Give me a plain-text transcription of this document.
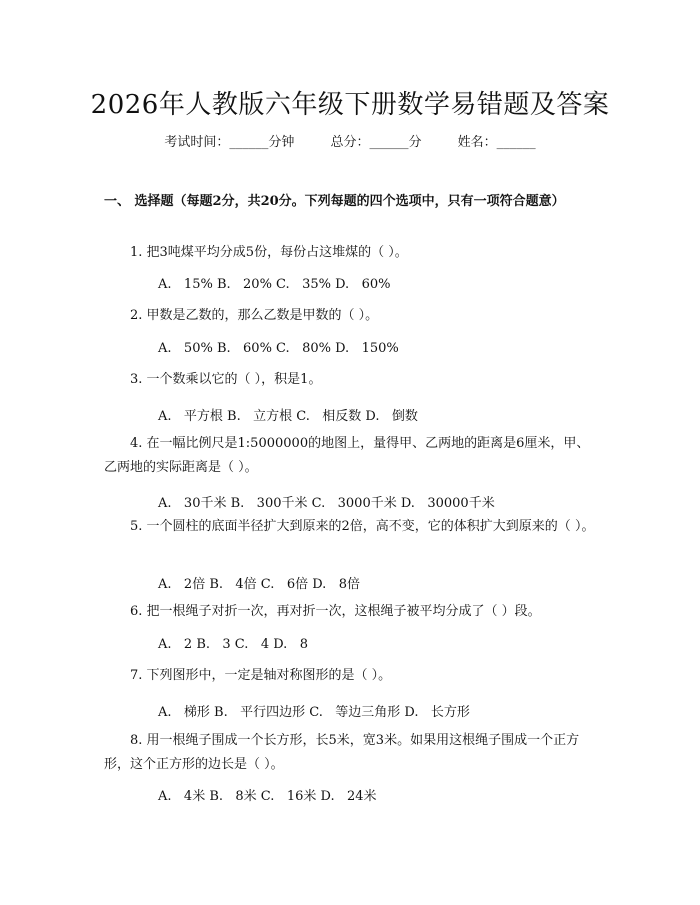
2026年人教版六年级下册数学易错题及答案
考试时间：______分钟	总分：______分	姓名：______
一、 选择题（每题2分，共20分。下列每题的四个选项中，只有一项符合题意）
1. 把3吨煤平均分成5份，每份占这堆煤的（ ）。
A.   15% B.   20% C.   35% D.   60%
2. 甲数是乙数的，那么乙数是甲数的（ ）。
A.   50% B.   60% C.   80% D.   150%
3. 一个数乘以它的（ ），积是1。
A.   平方根 B.   立方根 C.   相反数 D.   倒数
4. 在一幅比例尺是1:5000000的地图上，量得甲、乙两地的距离是6厘米，甲、乙两地的实际距离是（ ）。
A.   30千米 B.   300千米 C.   3000千米 D.   30000千米
5. 一个圆柱的底面半径扩大到原来的2倍，高不变，它的体积扩大到原来的（ ）。
A.   2倍 B.   4倍 C.   6倍 D.   8倍
6. 把一根绳子对折一次，再对折一次，这根绳子被平均分成了（ ）段。
A.   2 B.   3 C.   4 D.   8
7. 下列图形中，一定是轴对称图形的是（ ）。
A.   梯形 B.   平行四边形 C.   等边三角形 D.   长方形
8. 用一根绳子围成一个长方形，长5米，宽3米。如果用这根绳子围成一个正方形，这个正方形的边长是（ ）。
A.   4米 B.   8米 C.   16米 D.   24米
